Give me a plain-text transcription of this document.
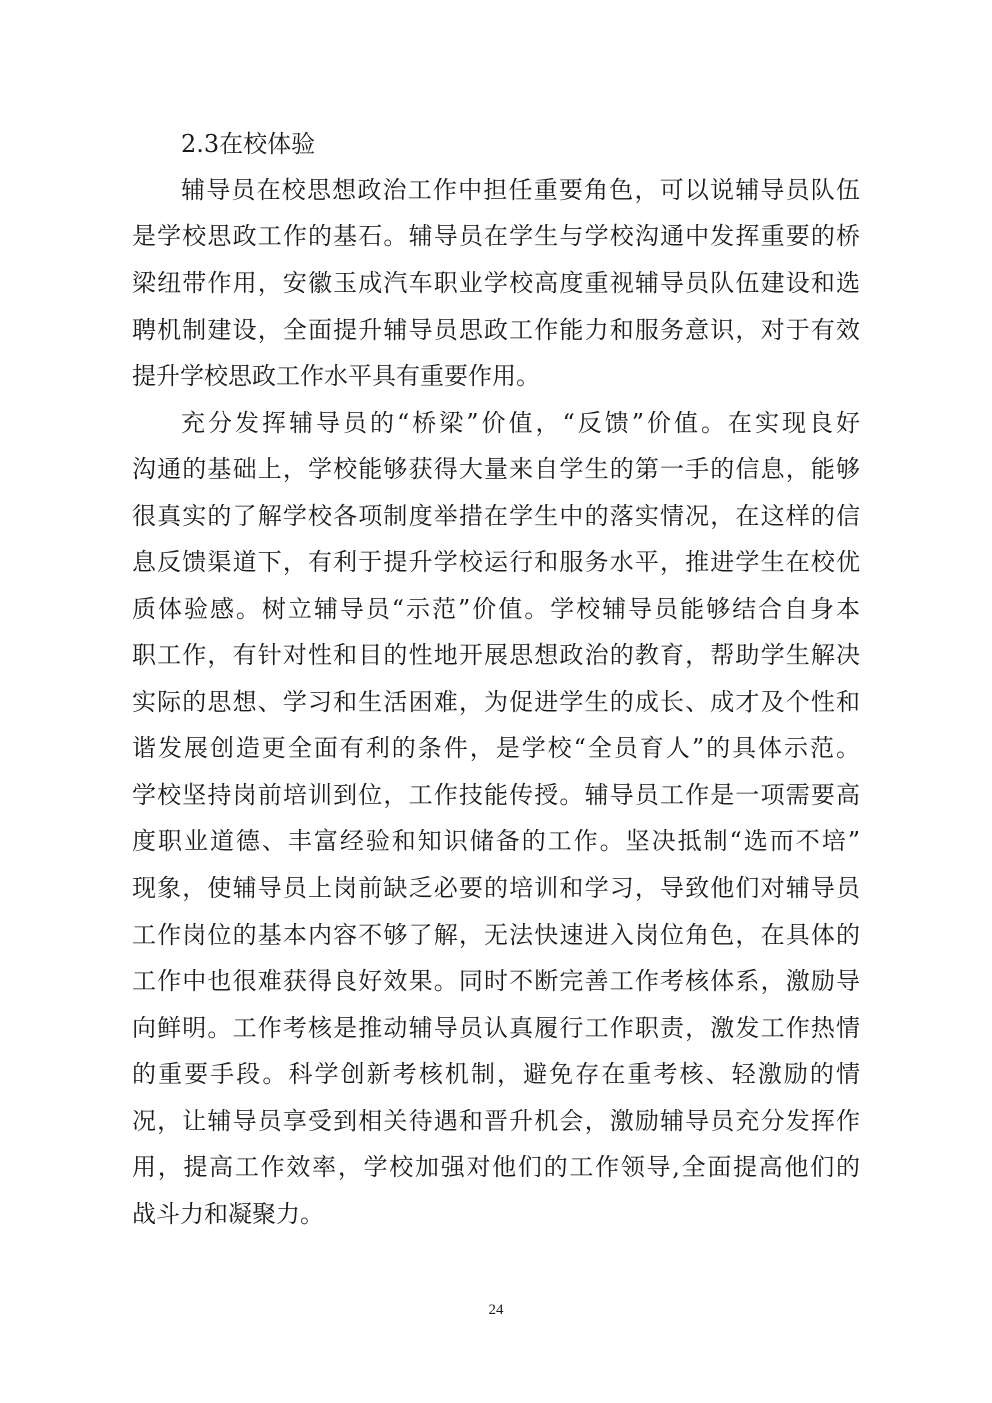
2.3在校体验

辅导员在校思想政治工作中担任重要角色，可以说辅导员队伍

是学校思政工作的基石。辅导员在学生与学校沟通中发挥重要的桥

梁纽带作用，安徽玉成汽车职业学校高度重视辅导员队伍建设和选

聘机制建设，全面提升辅导员思政工作能力和服务意识，对于有效

提升学校思政工作水平具有重要作用。

充分发挥辅导员的“桥梁”价值，“反馈”价值。在实现良好

沟通的基础上，学校能够获得大量来自学生的第一手的信息，能够

很真实的了解学校各项制度举措在学生中的落实情况，在这样的信

息反馈渠道下，有利于提升学校运行和服务水平，推进学生在校优

质体验感。树立辅导员“示范”价值。学校辅导员能够结合自身本

职工作，有针对性和目的性地开展思想政治的教育，帮助学生解决

实际的思想、学习和生活困难，为促进学生的成长、成才及个性和

谐发展创造更全面有利的条件，是学校“全员育人”的具体示范。

学校坚持岗前培训到位，工作技能传授。辅导员工作是一项需要高

度职业道德、丰富经验和知识储备的工作。坚决抵制“选而不培”

现象，使辅导员上岗前缺乏必要的培训和学习，导致他们对辅导员

工作岗位的基本内容不够了解，无法快速进入岗位角色，在具体的

工作中也很难获得良好效果。同时不断完善工作考核体系，激励导

向鲜明。工作考核是推动辅导员认真履行工作职责，激发工作热情

的重要手段。科学创新考核机制，避免存在重考核、轻激励的情

况，让辅导员享受到相关待遇和晋升机会，激励辅导员充分发挥作

用，提高工作效率，学校加强对他们的工作领导,全面提高他们的

战斗力和凝聚力。

24
